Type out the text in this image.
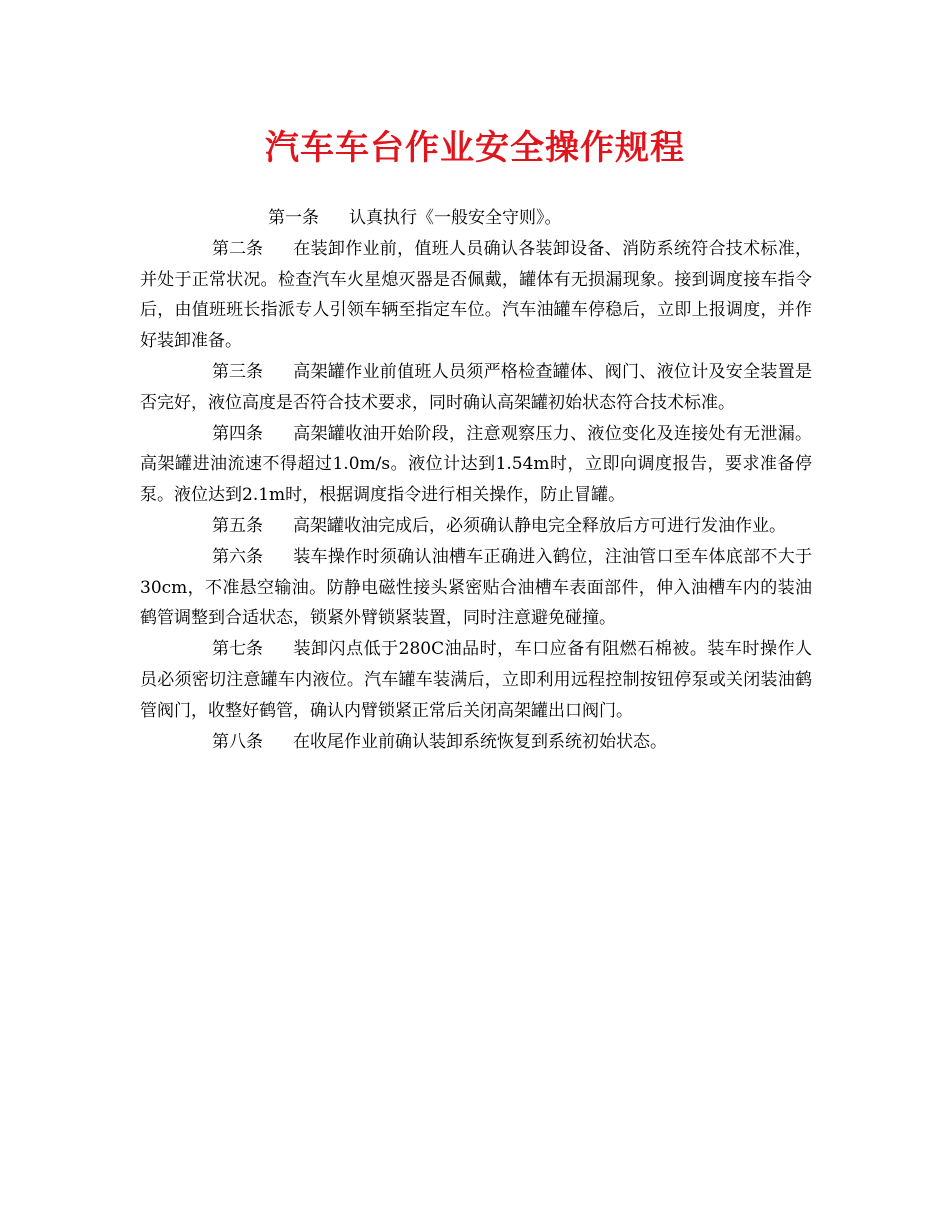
汽车车台作业安全操作规程

第一条 认真执行《一般安全守则》。

第二条 在装卸作业前，值班人员确认各装卸设备、消防系统符合技术标准，并处于正常状况。检查汽车火星熄灭器是否佩戴，罐体有无损漏现象。接到调度接车指令后，由值班班长指派专人引领车辆至指定车位。汽车油罐车停稳后，立即上报调度，并作好装卸准备。

第三条 高架罐作业前值班人员须严格检查罐体、阀门、液位计及安全装置是否完好，液位高度是否符合技术要求，同时确认高架罐初始状态符合技术标准。

第四条 高架罐收油开始阶段，注意观察压力、液位变化及连接处有无泄漏。高架罐进油流速不得超过1.0m/s。液位计达到1.54m时，立即向调度报告，要求准备停泵。液位达到2.1m时，根据调度指令进行相关操作，防止冒罐。

第五条 高架罐收油完成后，必须确认静电完全释放后方可进行发油作业。

第六条 装车操作时须确认油槽车正确进入鹤位，注油管口至车体底部不大于30cm，不准悬空输油。防静电磁性接头紧密贴合油槽车表面部件，伸入油槽车内的装油鹤管调整到合适状态，锁紧外臂锁紧装置，同时注意避免碰撞。

第七条 装卸闪点低于280C油品时，车口应备有阻燃石棉被。装车时操作人员必须密切注意罐车内液位。汽车罐车装满后，立即利用远程控制按钮停泵或关闭装油鹤管阀门，收整好鹤管，确认内臂锁紧正常后关闭高架罐出口阀门。

第八条 在收尾作业前确认装卸系统恢复到系统初始状态。
